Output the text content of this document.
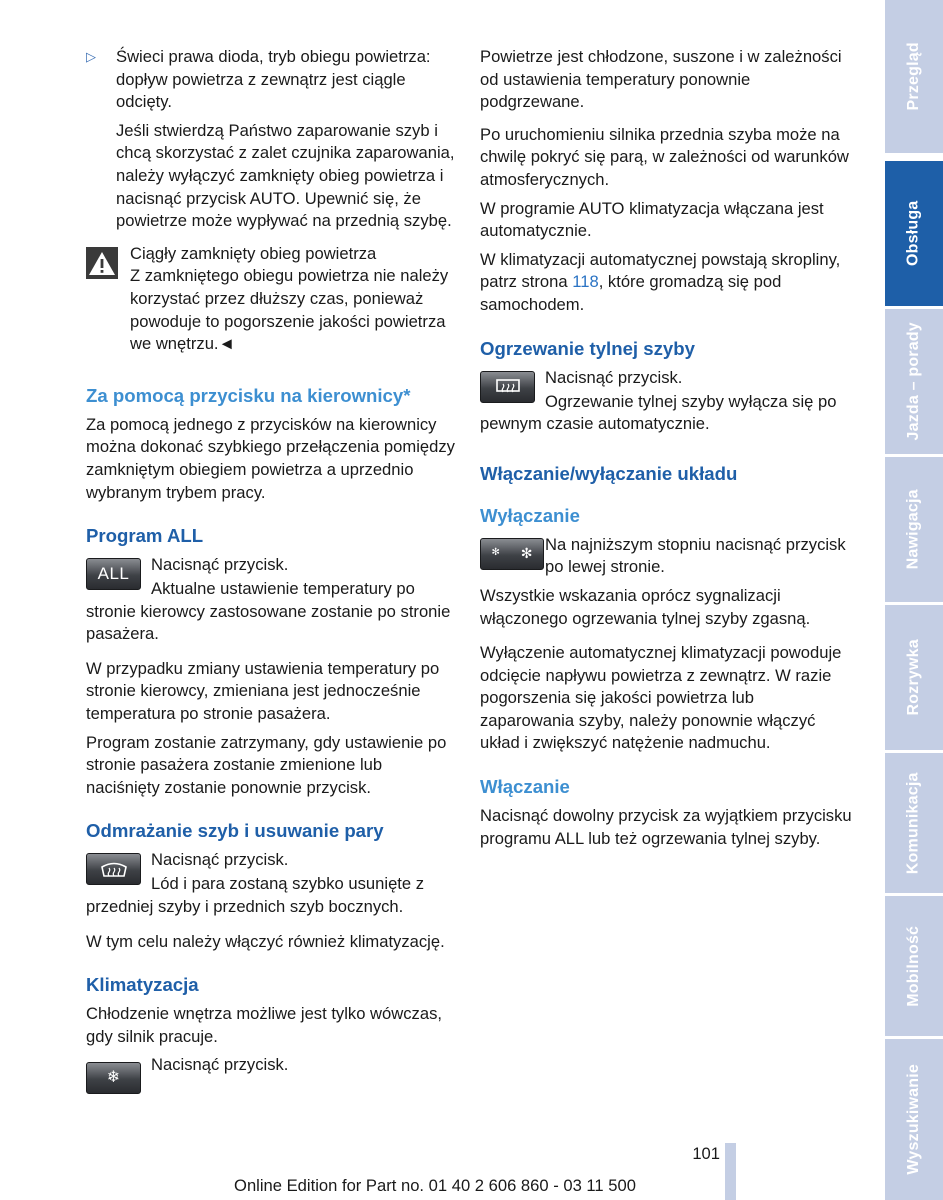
▷ Świeci prawa dioda, tryb obiegu powietrza: dopływ powietrza z zewnątrz jest ciągle odcięty.

Jeśli stwierdzą Państwo zaparowanie szyb i chcą skorzystać z zalet czujnika zaparowania, należy wyłączyć zamknięty obieg powietrza i nacisnąć przycisk AUTO. Upewnić się, że powietrze może wypływać na przednią szybę.

Ciągły zamknięty obieg powietrza

Z zamkniętego obiegu powietrza nie należy korzystać przez dłuższy czas, ponieważ powoduje to pogorszenie jakości powietrza we wnętrzu.◄

Za pomocą przycisku na kierownicy*

Za pomocą jednego z przycisków na kierownicy można dokonać szybkiego przełączenia pomiędzy zamkniętym obiegiem powietrza a uprzednio wybranym trybem pracy.

Program ALL
ALL	Nacisnąć przycisk.

Aktualne ustawienie temperatury po stronie kierowcy zastosowane zostanie po stronie pasażera.

W przypadku zmiany ustawienia temperatury po stronie kierowcy, zmieniana jest jednocześnie temperatura po stronie pasażera.

Program zostanie zatrzymany, gdy ustawienie po stronie pasażera zostanie zmienione lub naciśnięty zostanie ponownie przycisk.

Odmrażanie szyb i usuwanie pary

Nacisnąć przycisk.

Lód i para zostaną szybko usunięte z przedniej szyby i przednich szyb bocznych.

W tym celu należy włączyć również klimatyzację.

Klimatyzacja

Chłodzenie wnętrza możliwe jest tylko wówczas, gdy silnik pracuje.

❄

Nacisnąć przycisk.

Powietrze jest chłodzone, suszone i w zależności od ustawienia temperatury ponownie podgrzewane.

Po uruchomieniu silnika przednia szyba może na chwilę pokryć się parą, w zależności od warunków atmosferycznych.

W programie AUTO klimatyzacja włączana jest automatycznie.

W klimatyzacji automatycznej powstają skropliny, patrz strona 118, które gromadzą się pod samochodem.

Ogrzewanie tylnej szyby

Nacisnąć przycisk.

Ogrzewanie tylnej szyby wyłącza się po pewnym czasie automatycznie.

Włączanie/wyłączanie układu
Wyłączanie
✻ ✻ Na najniższym stopniu nacisnąć przycisk po lewej stronie.

Wszystkie wskazania oprócz sygnalizacji włączonego ogrzewania tylnej szyby zgasną.

Wyłączenie automatycznej klimatyzacji powoduje odcięcie napływu powietrza z zewnątrz. W razie pogorszenia się jakości powietrza lub zaparowania szyby, należy ponownie włączyć układ i zwiększyć natężenie nadmuchu.

Włączanie

Nacisnąć dowolny przycisk za wyjątkiem przycisku programu ALL lub też ogrzewania tylnej szyby.

Przegląd
Obsługa
Jazda – porady
Nawigacja
Rozrywka
Komunikacja
Mobilność
Wyszukiwanie
101
Online Edition for Part no. 01 40 2 606 860 - 03 11 500
